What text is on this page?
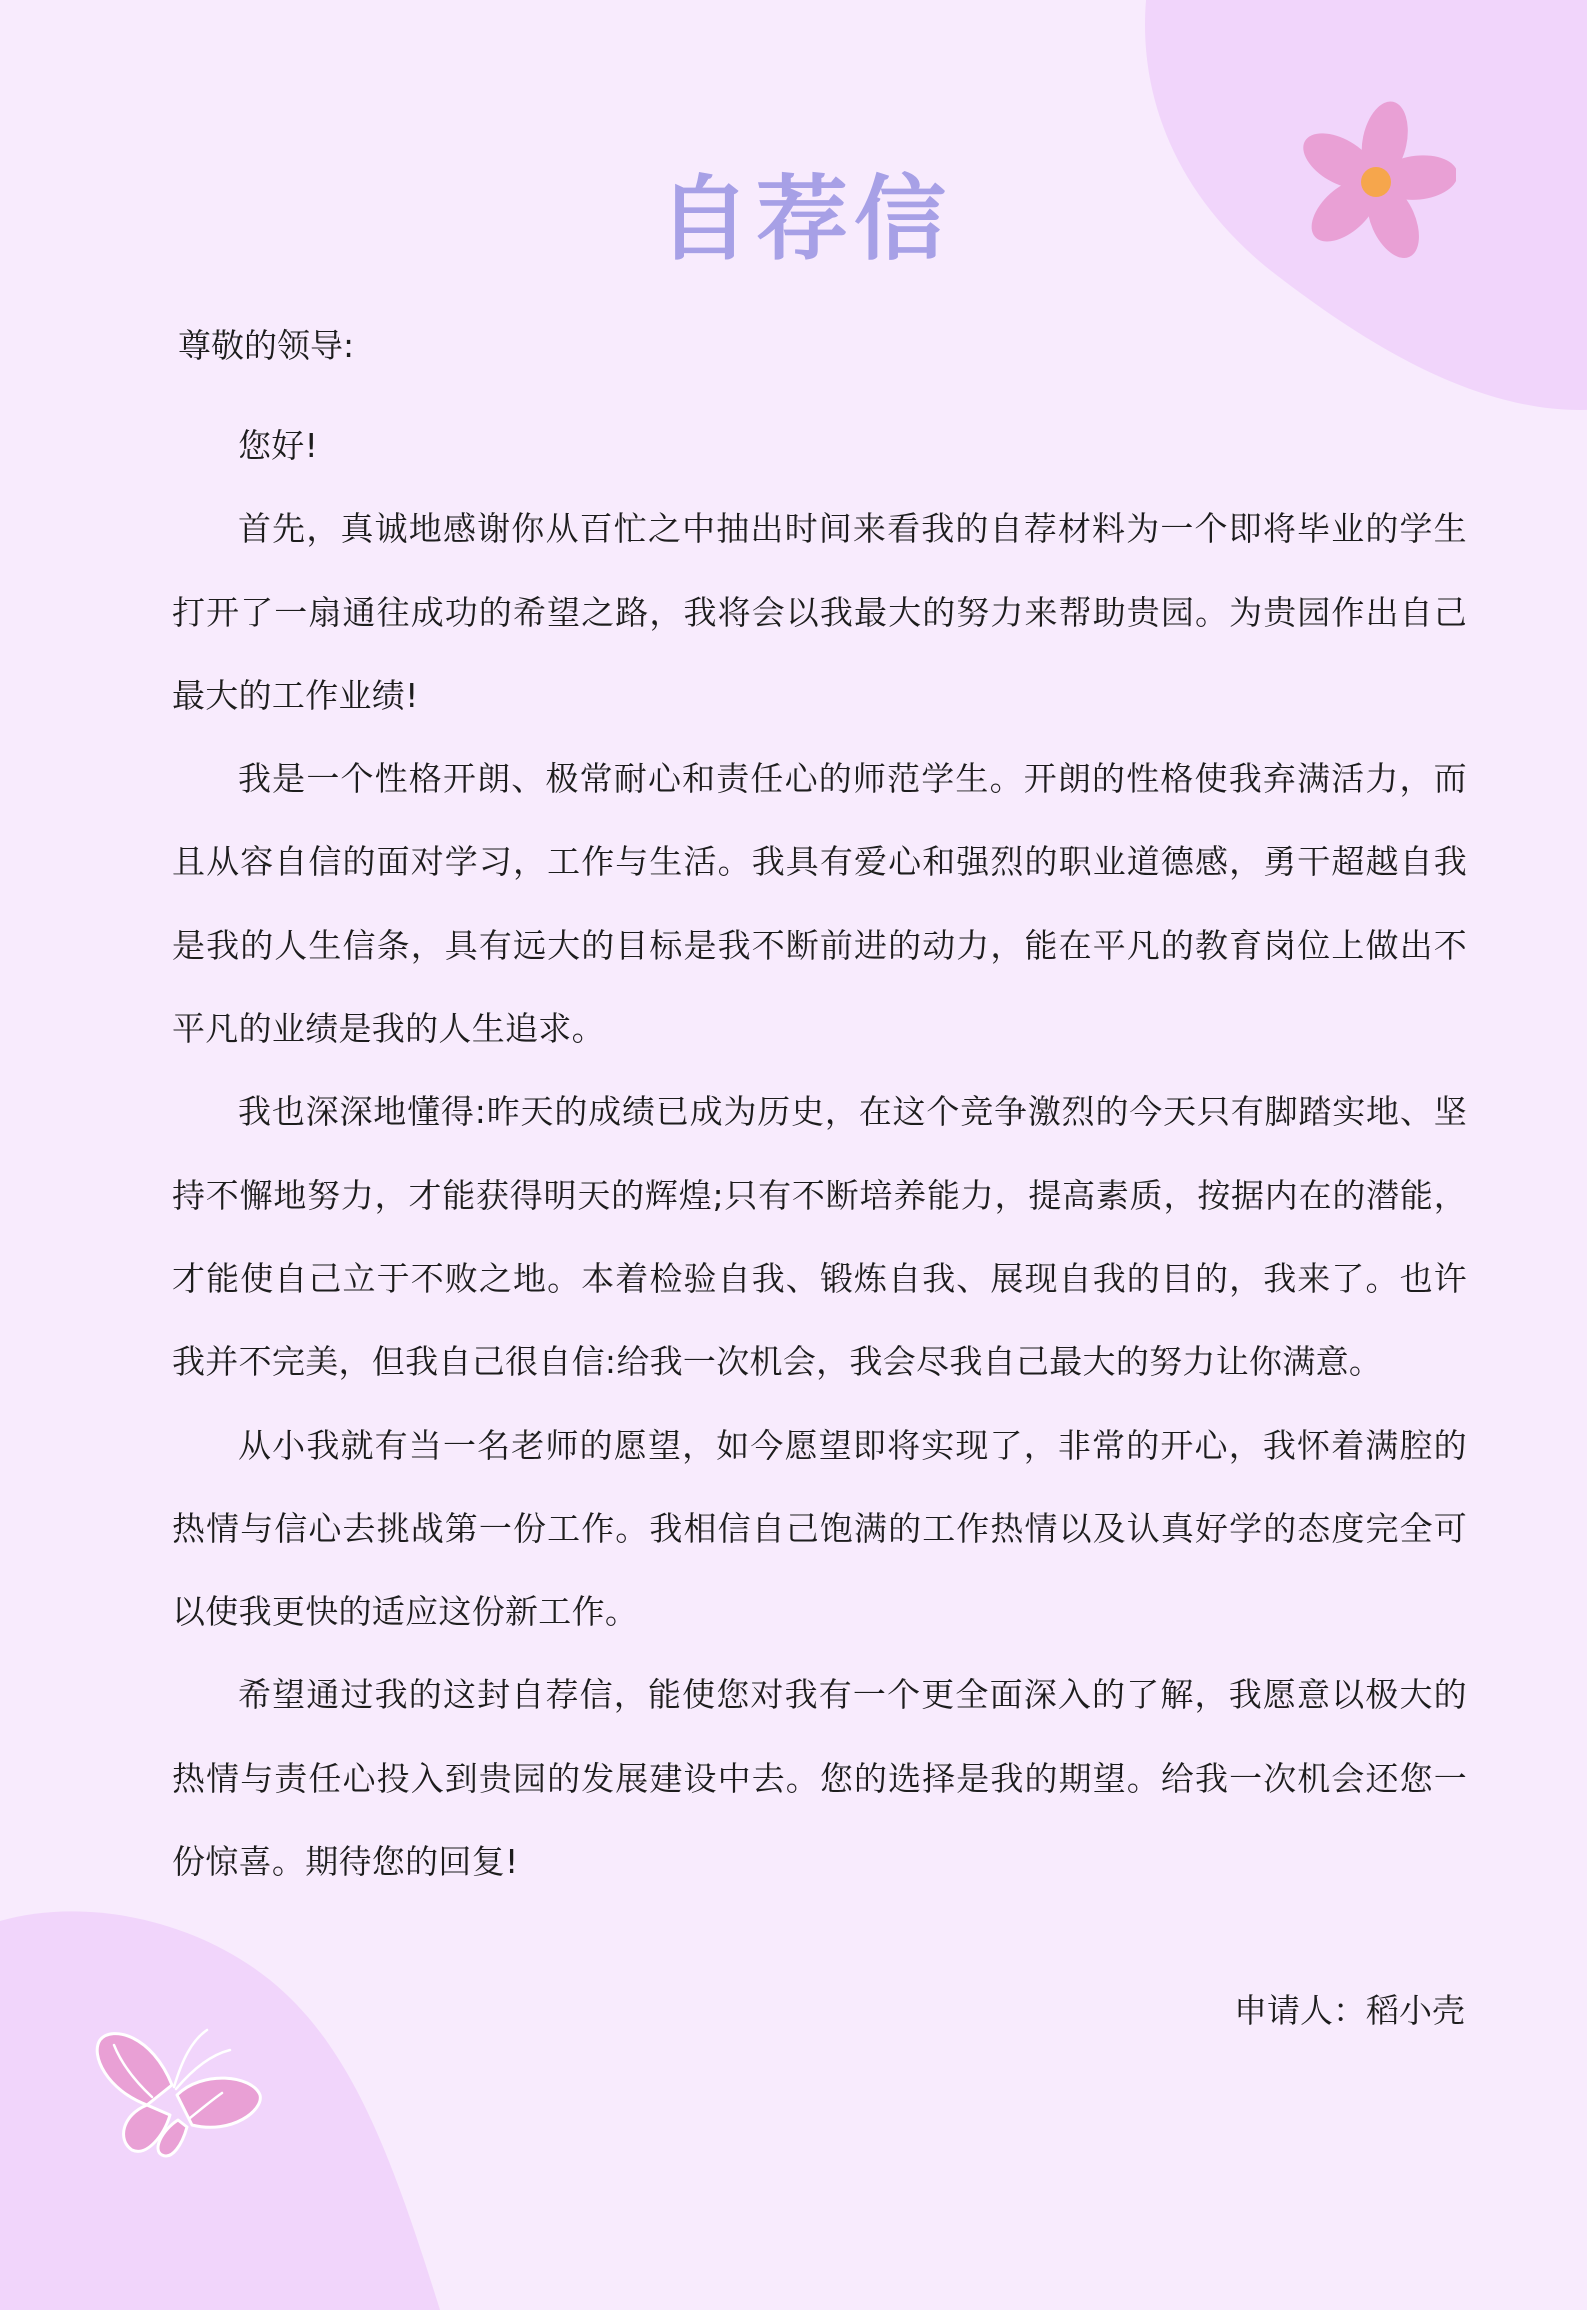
自荐信

尊敬的领导:

您好!

首先，真诚地感谢你从百忙之中抽出时间来看我的自荐材料为一个即将毕业的学生打开了一扇通往成功的希望之路，我将会以我最大的努力来帮助贵园。为贵园作出自己最大的工作业绩!

我是一个性格开朗、极常耐心和责任心的师范学生。开朗的性格使我弃满活力，而且从容自信的面对学习，工作与生活。我具有爱心和强烈的职业道德感，勇干超越自我是我的人生信条，具有远大的目标是我不断前进的动力，能在平凡的教育岗位上做出不平凡的业绩是我的人生追求。

我也深深地懂得:昨天的成绩已成为历史，在这个竞争激烈的今天只有脚踏实地、坚持不懈地努力，才能获得明天的辉煌;只有不断培养能力，提高素质，按据内在的潜能，才能使自己立于不败之地。本着检验自我、锻炼自我、展现自我的目的，我来了。也许我并不完美，但我自己很自信:给我一次机会，我会尽我自己最大的努力让你满意。

从小我就有当一名老师的愿望，如今愿望即将实现了，非常的开心，我怀着满腔的热情与信心去挑战第一份工作。我相信自己饱满的工作热情以及认真好学的态度完全可以使我更快的适应这份新工作。

希望通过我的这封自荐信，能使您对我有一个更全面深入的了解，我愿意以极大的热情与责任心投入到贵园的发展建设中去。您的选择是我的期望。给我一次机会还您一份惊喜。期待您的回复!

申请人：稻小壳
